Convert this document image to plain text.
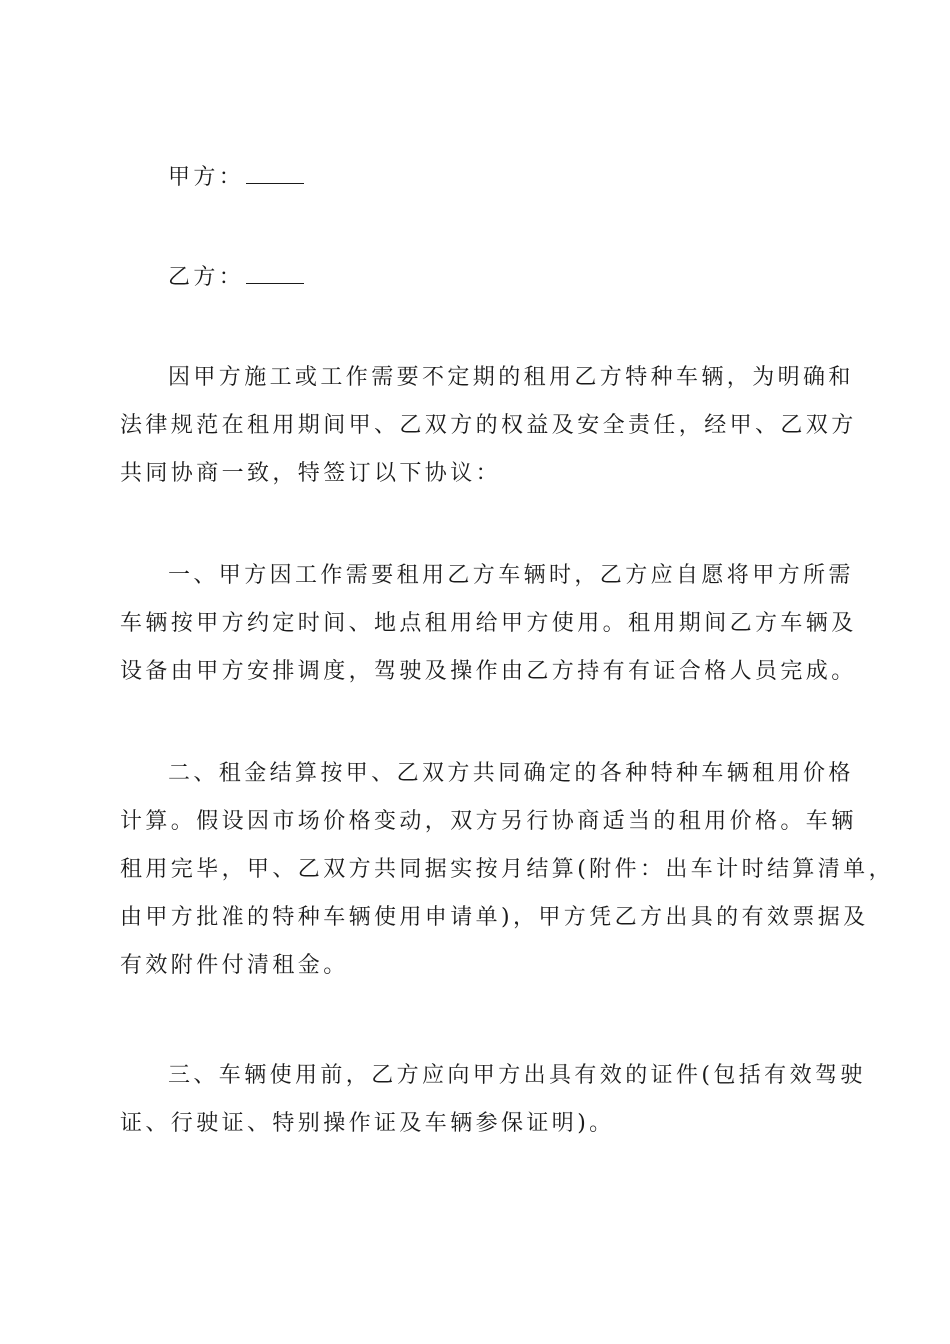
甲方：

乙方：

因甲方施工或工作需要不定期的租用乙方特种车辆，为明确和

法律规范在租用期间甲、乙双方的权益及安全责任，经甲、乙双方

共同协商一致，特签订以下协议：

一、甲方因工作需要租用乙方车辆时，乙方应自愿将甲方所需

车辆按甲方约定时间、地点租用给甲方使用。租用期间乙方车辆及

设备由甲方安排调度，驾驶及操作由乙方持有有证合格人员完成。

二、租金结算按甲、乙双方共同确定的各种特种车辆租用价格

计算。假设因市场价格变动，双方另行协商适当的租用价格。车辆

租用完毕，甲、乙双方共同据实按月结算(附件：出车计时结算清单，

由甲方批准的特种车辆使用申请单)，甲方凭乙方出具的有效票据及

有效附件付清租金。

三、车辆使用前，乙方应向甲方出具有效的证件(包括有效驾驶

证、行驶证、特别操作证及车辆参保证明)。
